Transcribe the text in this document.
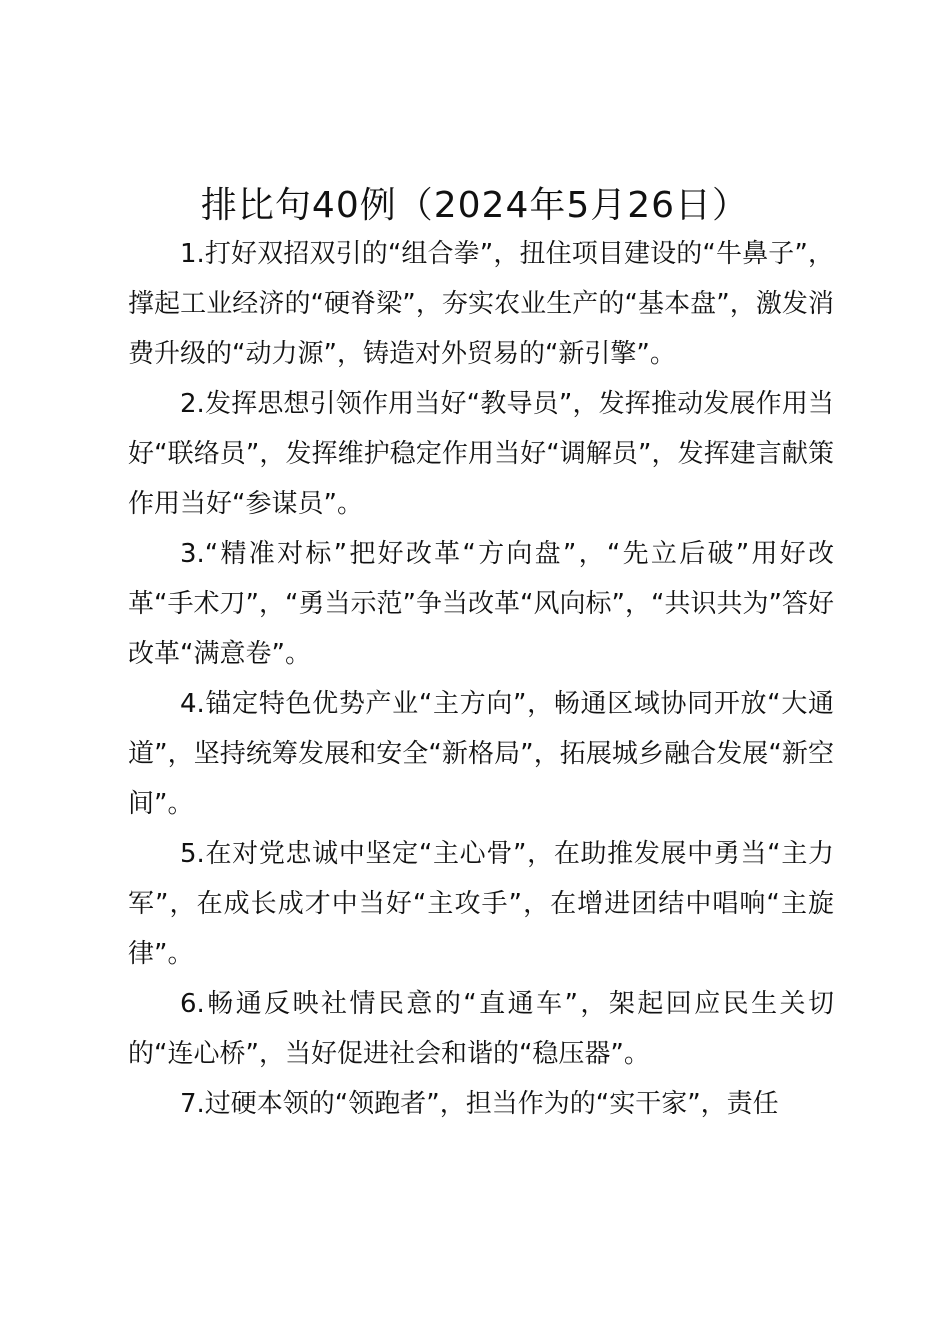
排比句40例（2024年5月26日）

1.打好双招双引的“组合拳”，扭住项目建设的“牛鼻子”，撑起工业经济的“硬脊梁”，夯实农业生产的“基本盘”，激发消费升级的“动力源”，铸造对外贸易的“新引擎”。

2.发挥思想引领作用当好“教导员”，发挥推动发展作用当好“联络员”，发挥维护稳定作用当好“调解员”，发挥建言献策作用当好“参谋员”。

3.“精准对标”把好改革“方向盘”，“先立后破”用好改革“手术刀”，“勇当示范”争当改革“风向标”，“共识共为”答好改革“满意卷”。

4.锚定特色优势产业“主方向”，畅通区域协同开放“大通道”，坚持统筹发展和安全“新格局”，拓展城乡融合发展“新空间”。

5.在对党忠诚中坚定“主心骨”，在助推发展中勇当“主力军”，在成长成才中当好“主攻手”，在增进团结中唱响“主旋律”。

6.畅通反映社情民意的“直通车”，架起回应民生关切的“连心桥”，当好促进社会和谐的“稳压器”。

7.过硬本领的“领跑者”，担当作为的“实干家”，责任
